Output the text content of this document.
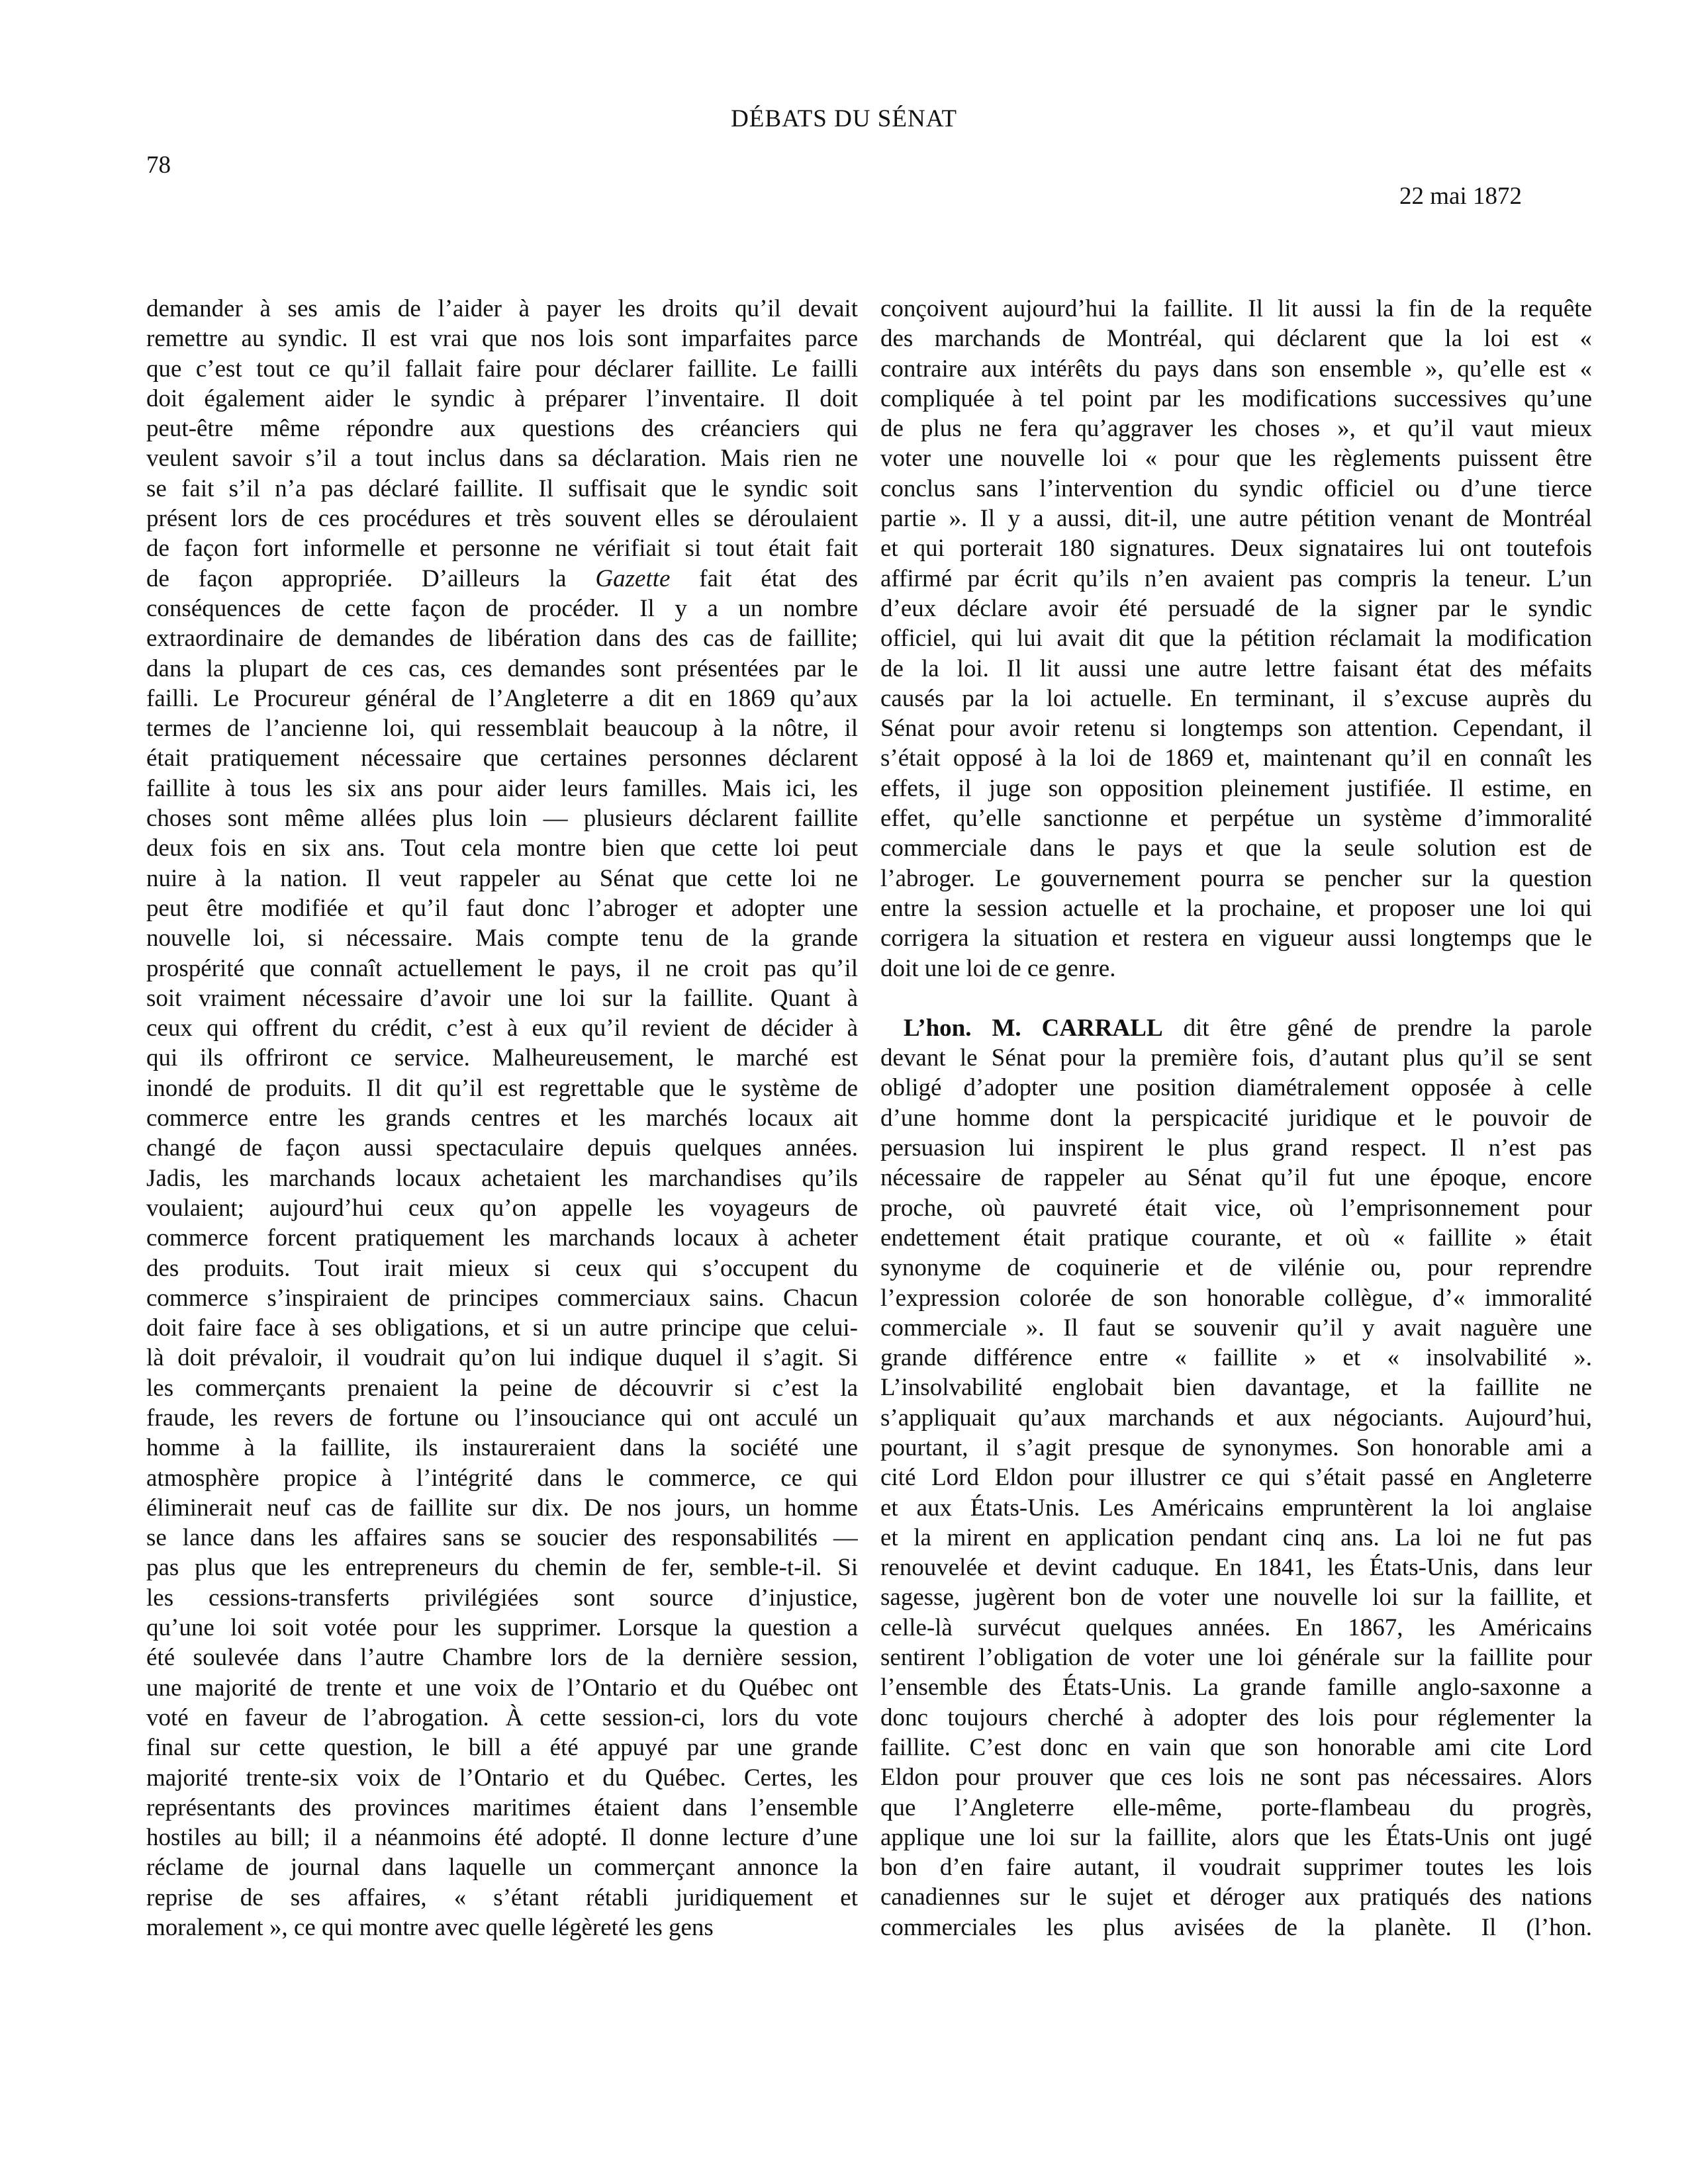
DÉBATS DU SÉNAT
78
22 mai 1872
demander à ses amis de l’aider à payer les droits qu’il devait
remettre au syndic. Il est vrai que nos lois sont imparfaites parce
que c’est tout ce qu’il fallait faire pour déclarer faillite. Le failli
doit également aider le syndic à préparer l’inventaire. Il doit
peut-être même répondre aux questions des créanciers qui
veulent savoir s’il a tout inclus dans sa déclaration. Mais rien ne
se fait s’il n’a pas déclaré faillite. Il suffisait que le syndic soit
présent lors de ces procédures et très souvent elles se déroulaient
de façon fort informelle et personne ne vérifiait si tout était fait
de façon appropriée. D’ailleurs la Gazette fait état des
conséquences de cette façon de procéder. Il y a un nombre
extraordinaire de demandes de libération dans des cas de faillite;
dans la plupart de ces cas, ces demandes sont présentées par le
failli. Le Procureur général de l’Angleterre a dit en 1869 qu’aux
termes de l’ancienne loi, qui ressemblait beaucoup à la nôtre, il
était pratiquement nécessaire que certaines personnes déclarent
faillite à tous les six ans pour aider leurs familles. Mais ici, les
choses sont même allées plus loin — plusieurs déclarent faillite
deux fois en six ans. Tout cela montre bien que cette loi peut
nuire à la nation. Il veut rappeler au Sénat que cette loi ne
peut être modifiée et qu’il faut donc l’abroger et adopter une
nouvelle loi, si nécessaire. Mais compte tenu de la grande
prospérité que connaît actuellement le pays, il ne croit pas qu’il
soit vraiment nécessaire d’avoir une loi sur la faillite. Quant à
ceux qui offrent du crédit, c’est à eux qu’il revient de décider à
qui ils offriront ce service. Malheureusement, le marché est
inondé de produits. Il dit qu’il est regrettable que le système de
commerce entre les grands centres et les marchés locaux ait
changé de façon aussi spectaculaire depuis quelques années.
Jadis, les marchands locaux achetaient les marchandises qu’ils
voulaient; aujourd’hui ceux qu’on appelle les voyageurs de
commerce forcent pratiquement les marchands locaux à acheter
des produits. Tout irait mieux si ceux qui s’occupent du
commerce s’inspiraient de principes commerciaux sains. Chacun
doit faire face à ses obligations, et si un autre principe que celui-
là doit prévaloir, il voudrait qu’on lui indique duquel il s’agit. Si
les commerçants prenaient la peine de découvrir si c’est la
fraude, les revers de fortune ou l’insouciance qui ont acculé un
homme à la faillite, ils instaureraient dans la société une
atmosphère propice à l’intégrité dans le commerce, ce qui
éliminerait neuf cas de faillite sur dix. De nos jours, un homme
se lance dans les affaires sans se soucier des responsabilités —
pas plus que les entrepreneurs du chemin de fer, semble-t-il. Si
les cessions-transferts privilégiées sont source d’injustice,
qu’une loi soit votée pour les supprimer. Lorsque la question a
été soulevée dans l’autre Chambre lors de la dernière session,
une majorité de trente et une voix de l’Ontario et du Québec ont
voté en faveur de l’abrogation. À cette session-ci, lors du vote
final sur cette question, le bill a été appuyé par une grande
majorité trente-six voix de l’Ontario et du Québec. Certes, les
représentants des provinces maritimes étaient dans l’ensemble
hostiles au bill; il a néanmoins été adopté. Il donne lecture d’une
réclame de journal dans laquelle un commerçant annonce la
reprise de ses affaires, « s’étant rétabli juridiquement et
moralement », ce qui montre avec quelle légèreté les gens
conçoivent aujourd’hui la faillite. Il lit aussi la fin de la requête
des marchands de Montréal, qui déclarent que la loi est «
contraire aux intérêts du pays dans son ensemble », qu’elle est «
compliquée à tel point par les modifications successives qu’une
de plus ne fera qu’aggraver les choses », et qu’il vaut mieux
voter une nouvelle loi « pour que les règlements puissent être
conclus sans l’intervention du syndic officiel ou d’une tierce
partie ». Il y a aussi, dit-il, une autre pétition venant de Montréal
et qui porterait 180 signatures. Deux signataires lui ont toutefois
affirmé par écrit qu’ils n’en avaient pas compris la teneur. L’un
d’eux déclare avoir été persuadé de la signer par le syndic
officiel, qui lui avait dit que la pétition réclamait la modification
de la loi. Il lit aussi une autre lettre faisant état des méfaits
causés par la loi actuelle. En terminant, il s’excuse auprès du
Sénat pour avoir retenu si longtemps son attention. Cependant, il
s’était opposé à la loi de 1869 et, maintenant qu’il en connaît les
effets, il juge son opposition pleinement justifiée. Il estime, en
effet, qu’elle sanctionne et perpétue un système d’immoralité
commerciale dans le pays et que la seule solution est de
l’abroger. Le gouvernement pourra se pencher sur la question
entre la session actuelle et la prochaine, et proposer une loi qui
corrigera la situation et restera en vigueur aussi longtemps que le
doit une loi de ce genre.
L’hon. M. CARRALL dit être gêné de prendre la parole
devant le Sénat pour la première fois, d’autant plus qu’il se sent
obligé d’adopter une position diamétralement opposée à celle
d’une homme dont la perspicacité juridique et le pouvoir de
persuasion lui inspirent le plus grand respect. Il n’est pas
nécessaire de rappeler au Sénat qu’il fut une époque, encore
proche, où pauvreté était vice, où l’emprisonnement pour
endettement était pratique courante, et où « faillite » était
synonyme de coquinerie et de vilénie ou, pour reprendre
l’expression colorée de son honorable collègue, d’« immoralité
commerciale ». Il faut se souvenir qu’il y avait naguère une
grande différence entre « faillite » et « insolvabilité ».
L’insolvabilité englobait bien davantage, et la faillite ne
s’appliquait qu’aux marchands et aux négociants. Aujourd’hui,
pourtant, il s’agit presque de synonymes. Son honorable ami a
cité Lord Eldon pour illustrer ce qui s’était passé en Angleterre
et aux États-Unis. Les Américains empruntèrent la loi anglaise
et la mirent en application pendant cinq ans. La loi ne fut pas
renouvelée et devint caduque. En 1841, les États-Unis, dans leur
sagesse, jugèrent bon de voter une nouvelle loi sur la faillite, et
celle-là survécut quelques années. En 1867, les Américains
sentirent l’obligation de voter une loi générale sur la faillite pour
l’ensemble des États-Unis. La grande famille anglo-saxonne a
donc toujours cherché à adopter des lois pour réglementer la
faillite. C’est donc en vain que son honorable ami cite Lord
Eldon pour prouver que ces lois ne sont pas nécessaires. Alors
que l’Angleterre elle-même, porte-flambeau du progrès,
applique une loi sur la faillite, alors que les États-Unis ont jugé
bon d’en faire autant, il voudrait supprimer toutes les lois
canadiennes sur le sujet et déroger aux pratiqués des nations
commerciales les plus avisées de la planète. Il (l’hon.
